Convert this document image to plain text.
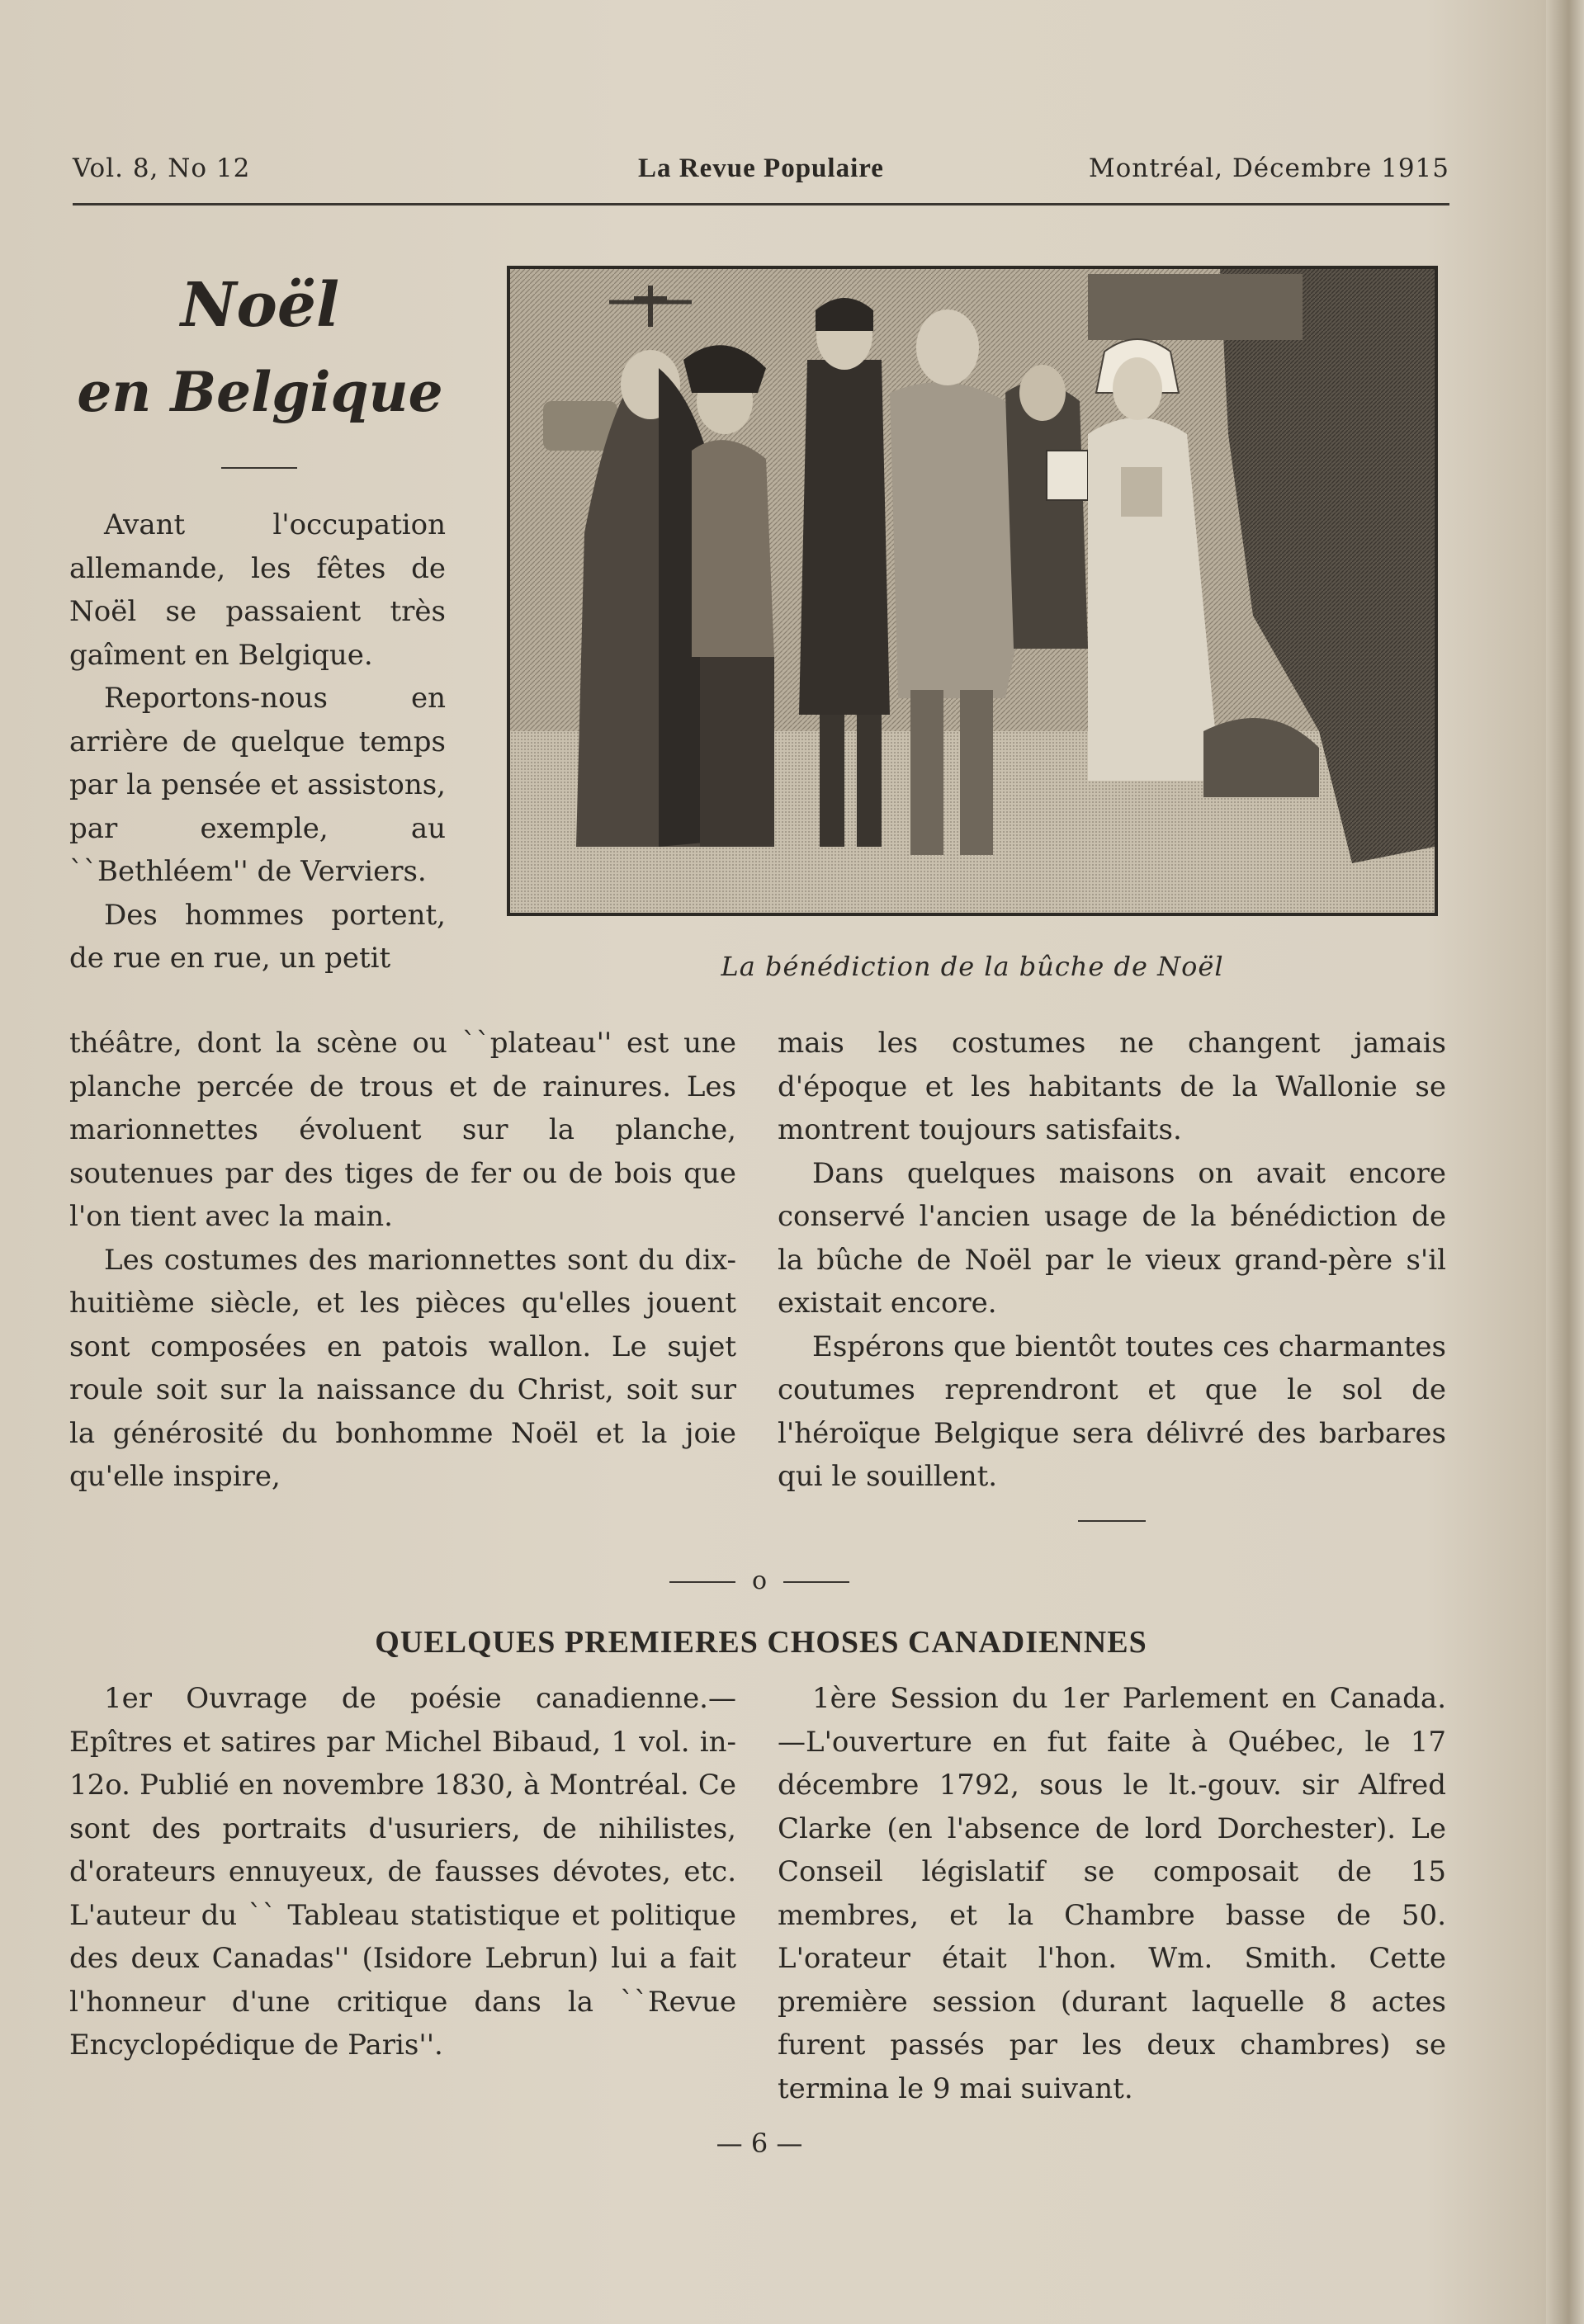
Vol. 8, No 12	La Revue Populaire	Montréal, Décembre 1915
Noël
en Belgique
La bénédiction de la bûche de Noël

Avant l'occupation allemande, les fêtes de Noël se passaient très gaîment en Belgique.

Reportons-nous en arrière de quelque temps par la pensée et assistons, par exemple, au ``Bethléem'' de Verviers.

Des hommes portent, de rue en rue, un petit

théâtre, dont la scène ou ``plateau'' est une planche percée de trous et de rainures. Les marionnettes évoluent sur la planche, soutenues par des tiges de fer ou de bois que l'on tient avec la main.

Les costumes des marionnettes sont du dix-huitième siècle, et les pièces qu'elles jouent sont composées en patois wallon. Le sujet roule soit sur la naissance du Christ, soit sur la générosité du bonhomme Noël et la joie qu'elle inspire,

mais les costumes ne changent jamais d'époque et les habitants de la Wallonie se montrent toujours satisfaits.

Dans quelques maisons on avait encore conservé l'ancien usage de la bénédiction de la bûche de Noël par le vieux grand-père s'il existait encore.

Espérons que bientôt toutes ces charmantes coutumes reprendront et que le sol de l'héroïque Belgique sera délivré des barbares qui le souillent.

o
QUELQUES PREMIERES CHOSES CANADIENNES

1er Ouvrage de poésie canadienne.— Epîtres et satires par Michel Bibaud, 1 vol. in-12o. Publié en novembre 1830, à Montréal. Ce sont des portraits d'usuriers, de nihilistes, d'orateurs ennuyeux, de fausses dévotes, etc. L'auteur du `` Tableau statistique et politique des deux Canadas'' (Isidore Lebrun) lui a fait l'honneur d'une critique dans la ``Revue Encyclopédique de Paris''.

1ère Session du 1er Parlement en Canada.—L'ouverture en fut faite à Québec, le 17 décembre 1792, sous le lt.-gouv. sir Alfred Clarke (en l'absence de lord Dorchester). Le Conseil législatif se composait de 15 membres, et la Chambre basse de 50. L'orateur était l'hon. Wm. Smith. Cette première session (durant laquelle 8 actes furent passés par les deux chambres) se termina le 9 mai suivant.

— 6 —
